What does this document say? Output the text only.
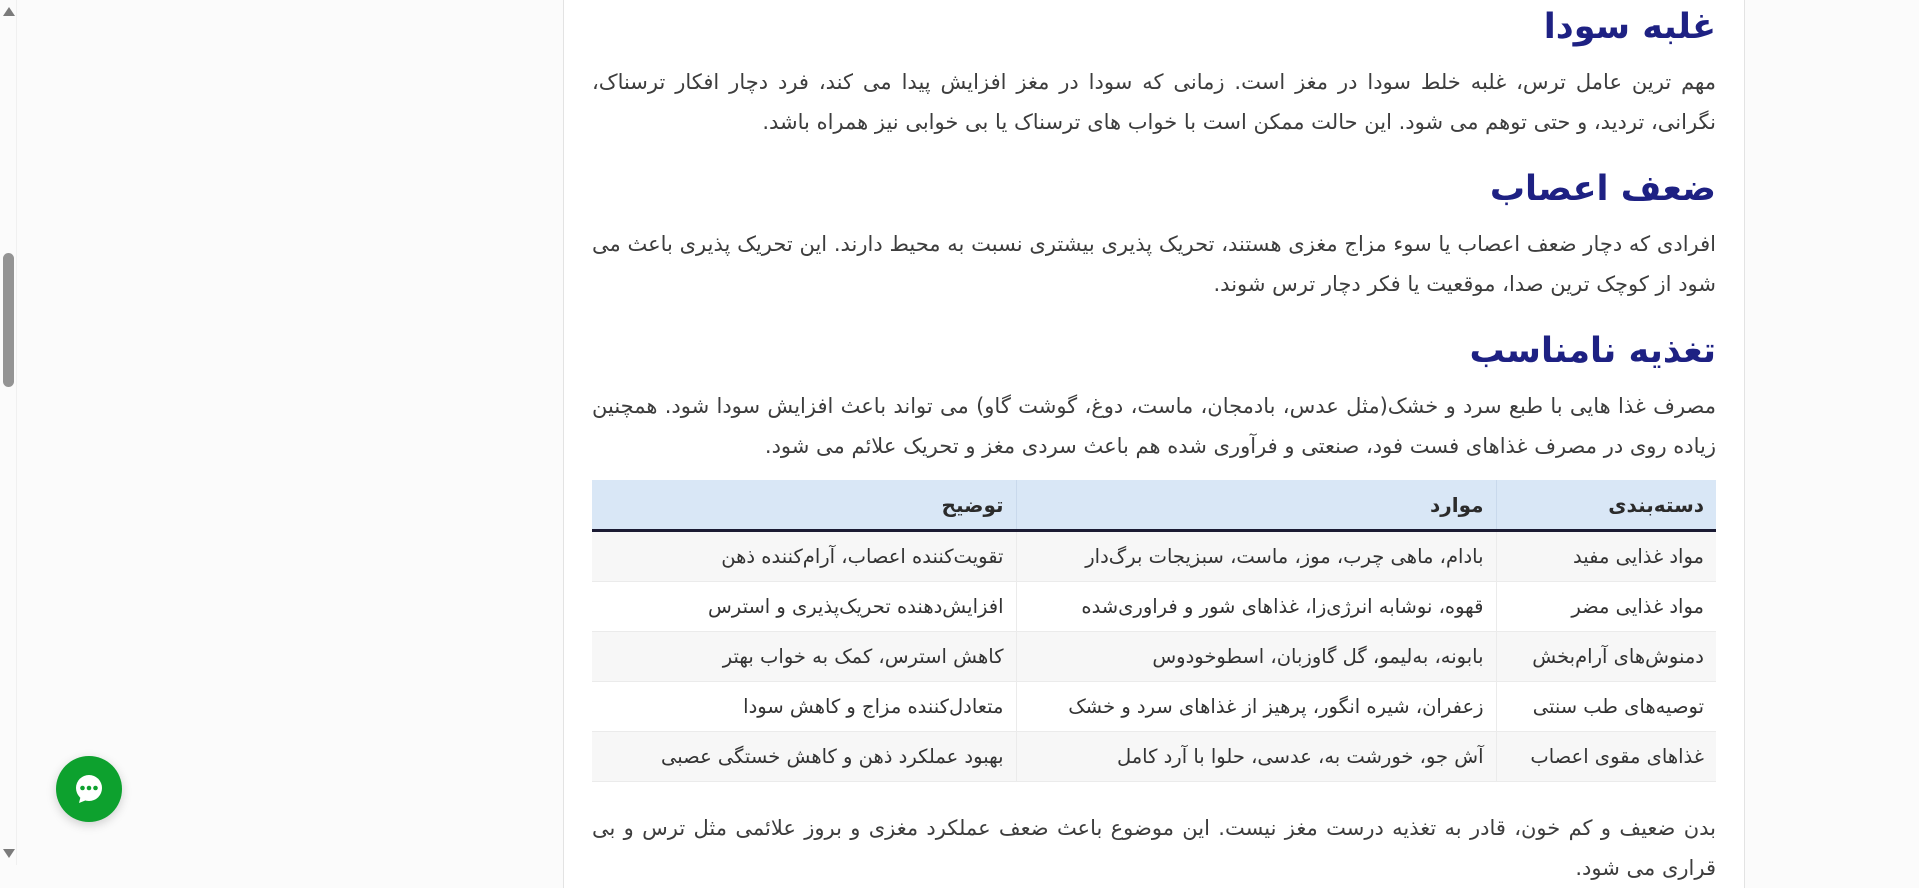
غلبه سودا

مهم ترین عامل ترس، غلبه خلط سودا در مغز است. زمانی که سودا در مغز افزایش پیدا می کند، فرد دچار افکار ترسناک، نگرانی، تردید، و حتی توهم می شود. این حالت ممکن است با خواب های ترسناک یا بی خوابی نیز همراه باشد.

ضعف اعصاب

افرادی که دچار ضعف اعصاب یا سوء مزاج مغزی هستند، تحریک پذیری بیشتری نسبت به محیط دارند. این تحریک پذیری باعث می شود از کوچک ترین صدا، موقعیت یا فکر دچار ترس شوند.

تغذیه نامناسب

مصرف غذا هایی با طبع سرد و خشک(مثل عدس، بادمجان، ماست، دوغ، گوشت گاو) می تواند باعث افزایش سودا شود. همچنین زیاده روی در مصرف غذاهای فست فود، صنعتی و فرآوری شده هم باعث سردی مغز و تحریک علائم می شود.

دسته‌بندی	موارد	توضیح
مواد غذایی مفید	بادام، ماهی چرب، موز، ماست، سبزیجات برگ‌دار	تقویت‌کننده اعصاب، آرام‌کننده ذهن
مواد غذایی مضر	قهوه، نوشابه انرژی‌زا، غذاهای شور و فراوری‌شده	افزایش‌دهنده تحریک‌پذیری و استرس
دمنوش‌های آرام‌بخش	بابونه، به‌لیمو، گل گاوزبان، اسطوخودوس	کاهش استرس، کمک به خواب بهتر
توصیه‌های طب سنتی	زعفران، شیره انگور، پرهیز از غذاهای سرد و خشک	متعادل‌کننده مزاج و کاهش سودا
غذاهای مقوی اعصاب	آش جو، خورشت به، عدسی، حلوا با آرد کامل	بهبود عملکرد ذهن و کاهش خستگی عصبی

بدن ضعیف و کم خون، قادر به تغذیه درست مغز نیست. این موضوع باعث ضعف عملکرد مغزی و بروز علائمی مثل ترس و بی قراری می شود.
